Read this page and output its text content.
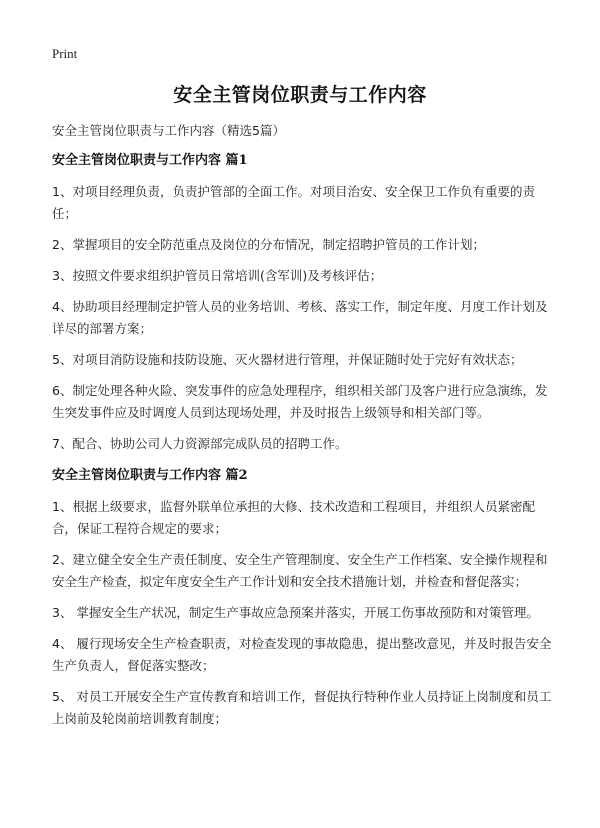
Print
安全主管岗位职责与工作内容

安全主管岗位职责与工作内容（精选5篇）

安全主管岗位职责与工作内容 篇1

1、对项目经理负责，负责护管部的全面工作。对项目治安、安全保卫工作负有重要的责任；

2、掌握项目的安全防范重点及岗位的分布情况，制定招聘护管员的工作计划；

3、按照文件要求组织护管员日常培训(含军训)及考核评估；

4、协助项目经理制定护管人员的业务培训、考核、落实工作，制定年度、月度工作计划及详尽的部署方案；

5、对项目消防设施和技防设施、灭火器材进行管理，并保证随时处于完好有效状态；

6、制定处理各种火险、突发事件的应急处理程序，组织相关部门及客户进行应急演练，发生突发事件应及时调度人员到达现场处理，并及时报告上级领导和相关部门等。

7、配合、协助公司人力资源部完成队员的招聘工作。

安全主管岗位职责与工作内容 篇2

1、根据上级要求，监督外联单位承担的大修、技术改造和工程项目，并组织人员紧密配合，保证工程符合规定的要求；

2、建立健全安全生产责任制度、安全生产管理制度、安全生产工作档案、安全操作规程和安全生产检查，拟定年度安全生产工作计划和安全技术措施计划，并检查和督促落实；

3、 掌握安全生产状况，制定生产事故应急预案并落实，开展工伤事故预防和对策管理。

4、 履行现场安全生产检查职责，对检查发现的事故隐患，提出整改意见，并及时报告安全生产负责人，督促落实整改；

5、 对员工开展安全生产宣传教育和培训工作，督促执行特种作业人员持证上岗制度和员工上岗前及轮岗前培训教育制度；
